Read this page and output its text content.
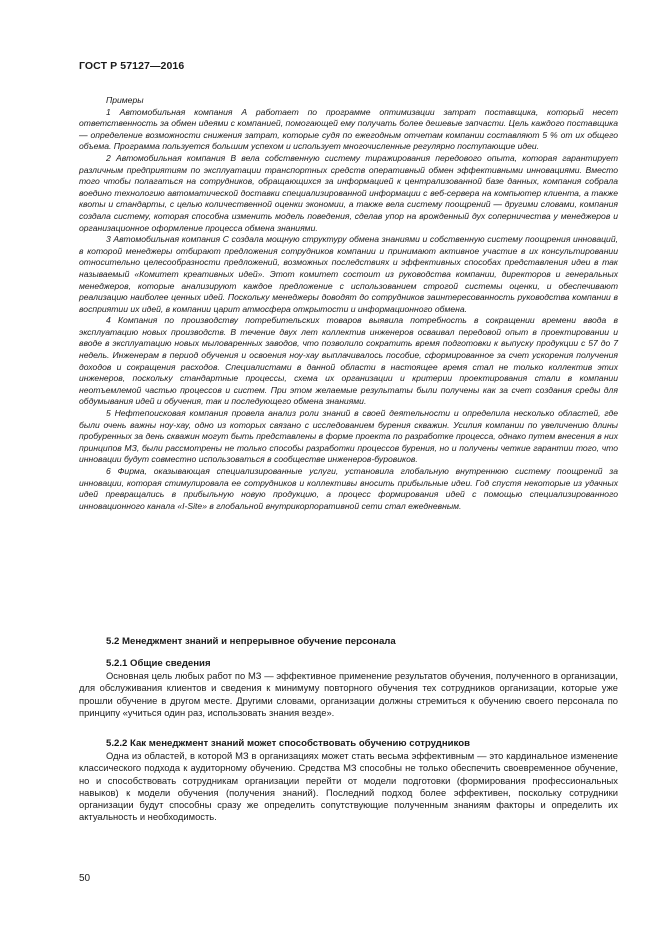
ГОСТ Р 57127—2016
Примеры

1 Автомобильная компания А работает по программе оптимизации затрат поставщика, который несет ответственность за обмен идеями с компанией, помогающей ему получать более дешевые запчасти. Цель каждого поставщика — определение возможности снижения затрат, которые судя по ежегодным отчетам компании составляют 5 % от их общего объема. Программа пользуется большим успехом и использует многочисленные регулярно поступающие идеи.

2 Автомобильная компания В вела собственную систему тиражирования передового опыта, которая гарантирует различным предприятиям по эксплуатации транспортных средств оперативный обмен эффективными инновациями. Вместо того чтобы полагаться на сотрудников, обращающихся за информацией к централизованной базе данных, компания собрала воедино технологию автоматической доставки специализированной информации с веб-сервера на компьютер клиента, а также квоты и стандарты, с целью количественной оценки экономии, а также вела систему поощрений — другими словами, компания создала систему, которая способна изменить модель поведения, сделав упор на врожденный дух соперничества у менеджеров и организационное оформление процесса обмена знаниями.

3 Автомобильная компания С создала мощную структуру обмена знаниями и собственную систему поощрения инноваций, в которой менеджеры отбирают предложения сотрудников компании и принимают активное участие в их консультировании относительно целесообразности предложений, возможных последствиях и эффективных способах представления идеи в так называемый «Комитет креативных идей». Этот комитет состоит из руководства компании, директоров и генеральных менеджеров, которые анализируют каждое предложение с использованием строгой системы оценки, и обеспечивают реализацию наиболее ценных идей. Поскольку менеджеры доводят до сотрудников заинтересованность руководства компании в восприятии их идей, в компании царит атмосфера открытости и информационного обмена.

4 Компания по производству потребительских товаров выявила потребность в сокращении времени ввода в эксплуатацию новых производств. В течение двух лет коллектив инженеров осваивал передовой опыт в проектировании и вводе в эксплуатацию новых мыловаренных заводов, что позволило сократить время подготовки к выпуску продукции с 57 до 7 недель. Инженерам в период обучения и освоения ноу-хау выплачивалось пособие, сформированное за счет ускорения получения доходов и сокращения расходов. Специалистами в данной области в настоящее время стал не только коллектив этих инженеров, поскольку стандартные процессы, схема их организации и критерии проектирования стали в компании неотъемлемой частью процессов и систем. При этом желаемые результаты были получены как за счет создания среды для обдумывания идей и обучения, так и последующего обмена знаниями.

5 Нефтепоисковая компания провела анализ роли знаний в своей деятельности и определила несколько областей, где были очень важны ноу-хау, одно из которых связано с исследованием бурения скважин. Усилия компании по увеличению длины пробуренных за день скважин могут быть представлены в форме проекта по разработке процесса, однако путем внесения в них принципов МЗ, были рассмотрены не только способы разработки процессов бурения, но и получены четкие гарантии того, что инновации будут совместно использоваться в сообществе инженеров-буровиков.

6 Фирма, оказывающая специализированные услуги, установила глобальную внутреннюю систему поощрений за инновации, которая стимулировала ее сотрудников и коллективы вносить прибыльные идеи. Год спустя некоторые из удачных идей превращались в прибыльную новую продукцию, а процесс формирования идей с помощью специализированного инновационного канала «I-Site» в глобальной внутрикорпоративной сети стал ежедневным.

5.2 Менеджмент знаний и непрерывное обучение персонала
5.2.1 Общие сведения

Основная цель любых работ по МЗ — эффективное применение результатов обучения, полученного в организации, для обслуживания клиентов и сведения к минимуму повторного обучения тех сотрудников организации, которые уже прошли обучение в другом месте. Другими словами, организации должны стремиться к обучению своего персонала по принципу «учиться один раз, использовать знания везде».

5.2.2 Как менеджмент знаний может способствовать обучению сотрудников

Одна из областей, в которой МЗ в организациях может стать весьма эффективным — это кардинальное изменение классического подхода к аудиторному обучению. Средства МЗ способны не только обеспечить своевременное обучение, но и способствовать сотрудникам организации перейти от модели подготовки (формирования профессиональных навыков) к модели обучения (получения знаний). Последний подход более эффективен, поскольку сотрудники организации будут способны сразу же определить сопутствующие полученным знаниям факторы и определить их актуальность и необходимость.

50
